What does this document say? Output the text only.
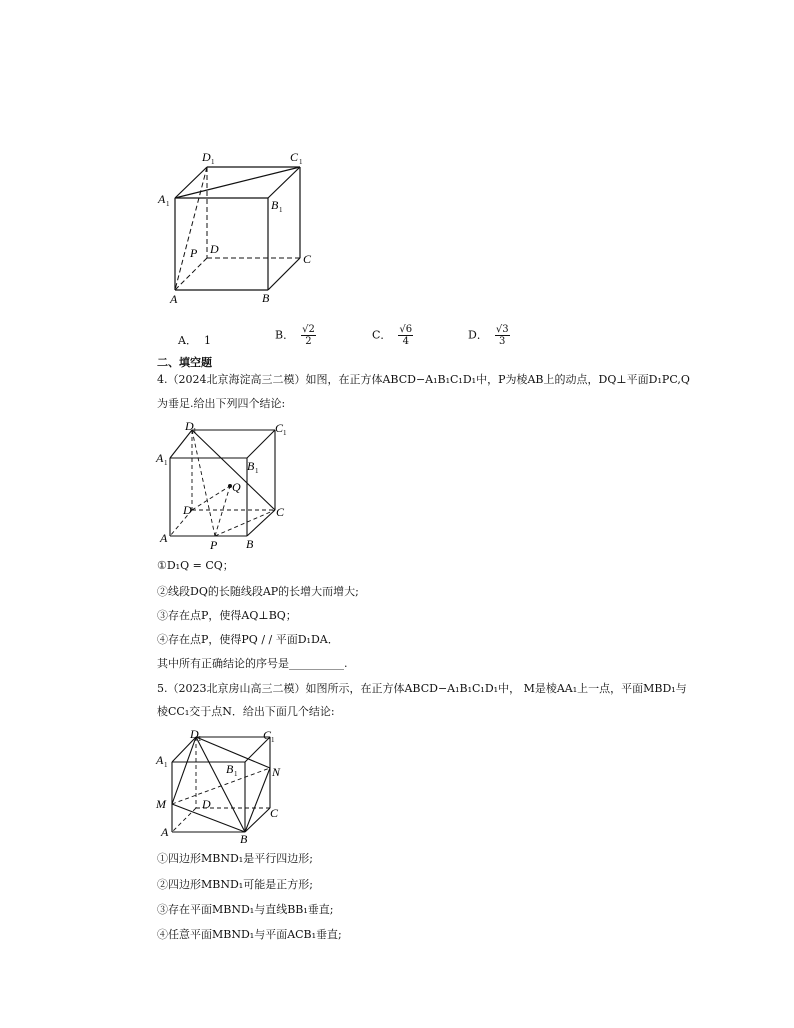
D 1	C 1
A 1	B 1
D
P	C
A	B
A． 1	B． $\frac{√2}{2}$	C． $\frac{√6}{4}$	D． $\frac{√3}{3}$
二、填空题
4.（2024北京海淀高三二模）如图，在正方体ABCD−A₁B₁C₁D₁中，P为棱AB上的动点，DQ⊥平面D₁PC,Q
为垂足.给出下列四个结论:
D 1	C 1
A 1	B 1
Q
D	C
A	P B
①D₁Q = CQ；
②线段DQ的长随线段AP的长增大而增大;
③存在点P，使得AQ⊥BQ；
④存在点P，使得PQ / / 平面D₁DA．
其中所有正确结论的序号是__________.
5.（2023北京房山高三二模）如图所示，在正方体ABCD−A₁B₁C₁D₁中， M是棱AA₁上一点，平面MBD₁与
棱CC₁交于点N．给出下面几个结论:
D 1	C 1
A 1	B 1	N
M	D
C
A	B
①四边形MBND₁是平行四边形;
②四边形MBND₁可能是正方形;
③存在平面MBND₁与直线BB₁垂直;
④任意平面MBND₁与平面ACB₁垂直;
